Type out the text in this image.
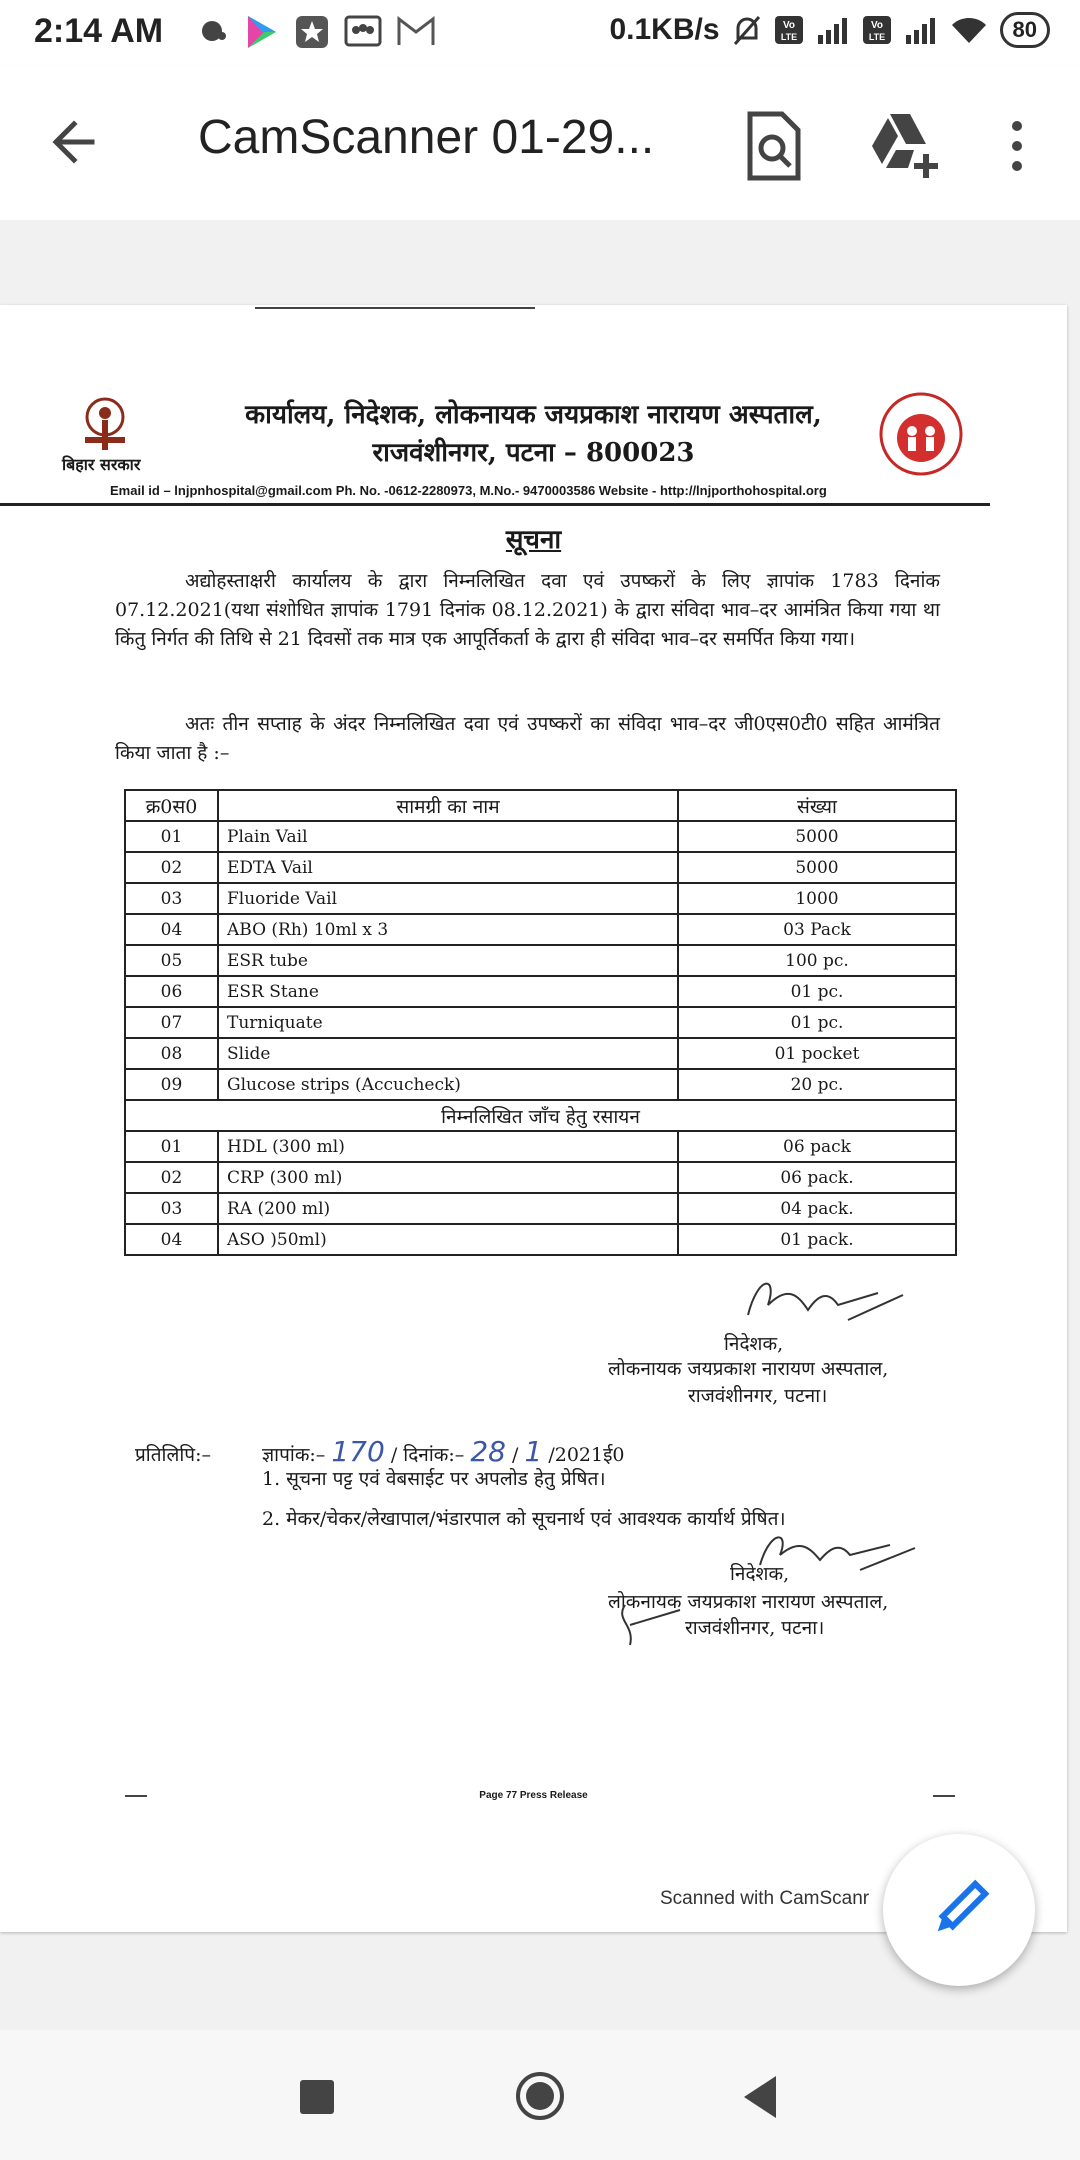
2:14 AM	0.1KB/s	Vo
LTE
Vo
LTE	80
CamScanner 01-29...
बिहार सरकार
कार्यालय, निदेशक, लोकनायक जयप्रकाश नारायण अस्पताल,
राजवंशीनगर, पटना – 800023
Email id – lnjpnhospital@gmail.com Ph. No. -0612-2280973, M.No.- 9470003586 Website - http://lnjporthohospital.org
सूचना
अद्योहस्ताक्षरी कार्यालय के द्वारा निम्नलिखित दवा एवं उपष्करों के लिए ज्ञापांक 1783 दिनांक 07.12.2021(यथा संशोधित ज्ञापांक 1791 दिनांक 08.12.2021) के द्वारा संविदा भाव–दर आमंत्रित किया गया था किंतु निर्गत की तिथि से 21 दिवसों तक मात्र एक आपूर्तिकर्ता के द्वारा ही संविदा भाव–दर समर्पित किया गया।
अतः तीन सप्ताह के अंदर निम्नलिखित दवा एवं उपष्करों का संविदा भाव–दर जी0एस0टी0 सहित आमंत्रित किया जाता है :–
क्र0स0	सामग्री का नाम	संख्या
01	Plain Vail	5000
02	EDTA Vail	5000
03	Fluoride Vail	1000
04	ABO (Rh) 10ml x 3	03 Pack
05	ESR tube	100 pc.
06	ESR Stane	01 pc.
07	Turniquate	01 pc.
08	Slide	01 pocket
09	Glucose strips (Accucheck)	20 pc.
निम्नलिखित जाँच हेतु रसायन		
01	HDL (300 ml)	06 pack
02	CRP (300 ml)	06 pack.
03	RA (200 ml)	04 pack.
04	ASO )50ml)	01 pack.
निदेशक,
लोकनायक जयप्रकाश नारायण अस्पताल,
राजवंशीनगर, पटना।
ज्ञापांक:– 170 / दिनांक:– 28 / 1 /2021ई0
प्रतिलिपि:–
1. सूचना पट्ट एवं वेबसाईट पर अपलोड हेतु प्रेषित।
2. मेकर/चेकर/लेखापाल/भंडारपाल को सूचनार्थ एवं आवश्यक कार्यार्थ प्रेषित।
निदेशक,
लोकनायक जयप्रकाश नारायण अस्पताल,
राजवंशीनगर, पटना।
Page 77 Press Release
Scanned with CamScanr
